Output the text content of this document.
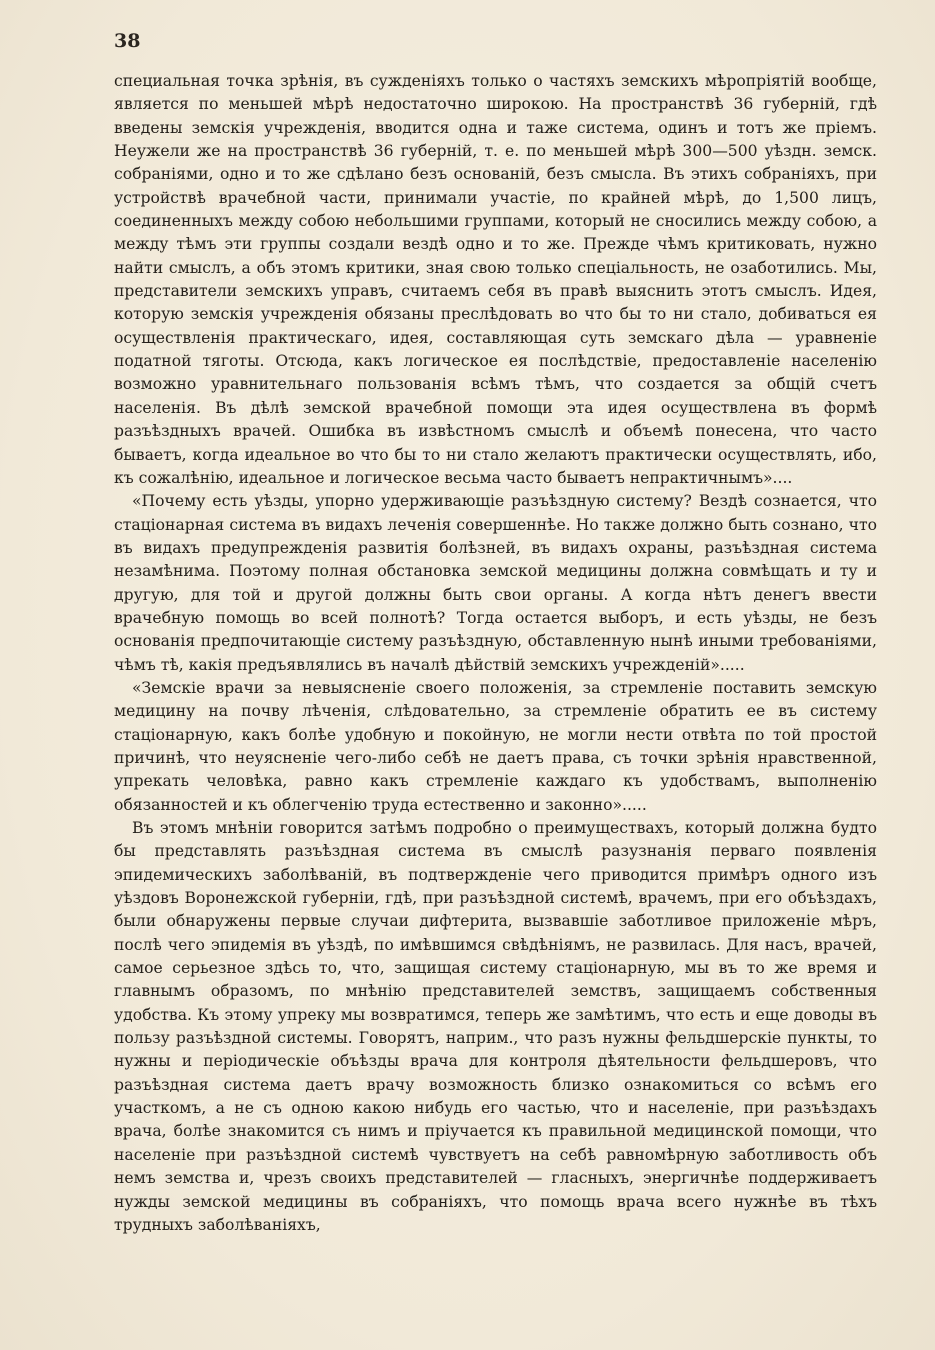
38

специальная точка зрѣнія, въ сужденіяхъ только о частяхъ земскихъ мѣропріятій вообще, является по меньшей мѣрѣ недостаточно широкою. На пространствѣ 36 губерній, гдѣ введены земскія учрежденія, вводится одна и таже система, одинъ и тотъ же пріемъ. Неужели же на пространствѣ 36 губерній, т. е. по меньшей мѣрѣ 300—500 уѣздн. земск. собраніями, одно и то же сдѣлано безъ основаній, безъ смысла. Въ этихъ собраніяхъ, при устройствѣ врачебной части, принимали участіе, по крайней мѣрѣ, до 1,500 лицъ, соединенныхъ между собою небольшими группами, который не сносились между собою, а между тѣмъ эти группы создали вездѣ одно и то же. Прежде чѣмъ критиковать, нужно найти смыслъ, а объ этомъ критики, зная свою только спеціальность, не озаботились. Мы, представители земскихъ управъ, считаемъ себя въ правѣ выяснить этотъ смыслъ. Идея, которую земскія учрежденія обязаны преслѣдовать во что бы то ни стало, добиваться ея осуществленія практическаго, идея, составляющая суть земскаго дѣла — уравненіе податной тяготы. Отсюда, какъ логическое ея послѣдствіе, предоставленіе населенію возможно уравнительнаго пользованія всѣмъ тѣмъ, что создается за общій счетъ населенія. Въ дѣлѣ земской врачебной помощи эта идея осуществлена въ формѣ разъѣздныхъ врачей. Ошибка въ извѣстномъ смыслѣ и объемѣ понесена, что часто бываетъ, когда идеальное во что бы то ни стало желаютъ практически осуществлять, ибо, къ сожалѣнію, идеальное и логическое весьма часто бываетъ непрактичнымъ»....

«Почему есть уѣзды, упорно удерживающіе разъѣздную систему? Вездѣ сознается, что стаціонарная система въ видахъ леченія совершеннѣе. Но также должно быть сознано, что въ видахъ предупрежденія развитія болѣзней, въ видахъ охраны, разъѣздная система незамѣнима. Поэтому полная обстановка земской медицины должна совмѣщать и ту и другую, для той и другой должны быть свои органы. А когда нѣтъ денегъ ввести врачебную помощь во всей полнотѣ? Тогда остается выборъ, и есть уѣзды, не безъ основанія предпочитающіе систему разъѣздную, обставленную нынѣ иными требованіями, чѣмъ тѣ, какія предъявлялись въ началѣ дѣйствій земскихъ учрежденій».....

«Земскіе врачи за невыясненіе своего положенія, за стремленіе поставить земскую медицину на почву лѣченія, слѣдовательно, за стремленіе обратить ее въ систему стаціонарную, какъ болѣе удобную и покойную, не могли нести отвѣта по той простой причинѣ, что неуясненіе чего-либо себѣ не даетъ права, съ точки зрѣнія нравственной, упрекать человѣка, равно какъ стремленіе каждаго къ удобствамъ, выполненію обязанностей и къ облегченію труда естественно и законно».....

Въ этомъ мнѣніи говорится затѣмъ подробно о преимуществахъ, который должна будто бы представлять разъѣздная система въ смыслѣ разузнанія перваго появленія эпидемическихъ заболѣваній, въ подтвержденіе чего приводится примѣръ одного изъ уѣздовъ Воронежской губерніи, гдѣ, при разъѣздной системѣ, врачемъ, при его объѣздахъ, были обнаружены первые случаи дифтерита, вызвавшіе заботливое приложеніе мѣръ, послѣ чего эпидемія въ уѣздѣ, по имѣвшимся свѣдѣніямъ, не развилась. Для насъ, врачей, самое серьезное здѣсь то, что, защищая систему стаціонарную, мы въ то же время и главнымъ образомъ, по мнѣнію представителей земствъ, защищаемъ собственныя удобства. Къ этому упреку мы возвратимся, теперь же замѣтимъ, что есть и еще доводы въ пользу разъѣздной системы. Говорятъ, наприм., что разъ нужны фельдшерскіе пункты, то нужны и періодическіе объѣзды врача для контроля дѣятельности фельдшеровъ, что разъѣздная система даетъ врачу возможность близко ознакомиться со всѣмъ его участкомъ, а не съ одною какою нибудь его частью, что и населеніе, при разъѣздахъ врача, болѣе знакомится съ нимъ и пріучается къ правильной медицинской помощи, что населеніе при разъѣздной системѣ чувствуетъ на себѣ равномѣрную заботливость объ немъ земства и, чрезъ своихъ представителей — гласныхъ, энергичнѣе поддерживаетъ нужды земской медицины въ собраніяхъ, что помощь врача всего нужнѣе въ тѣхъ трудныхъ заболѣваніяхъ,
